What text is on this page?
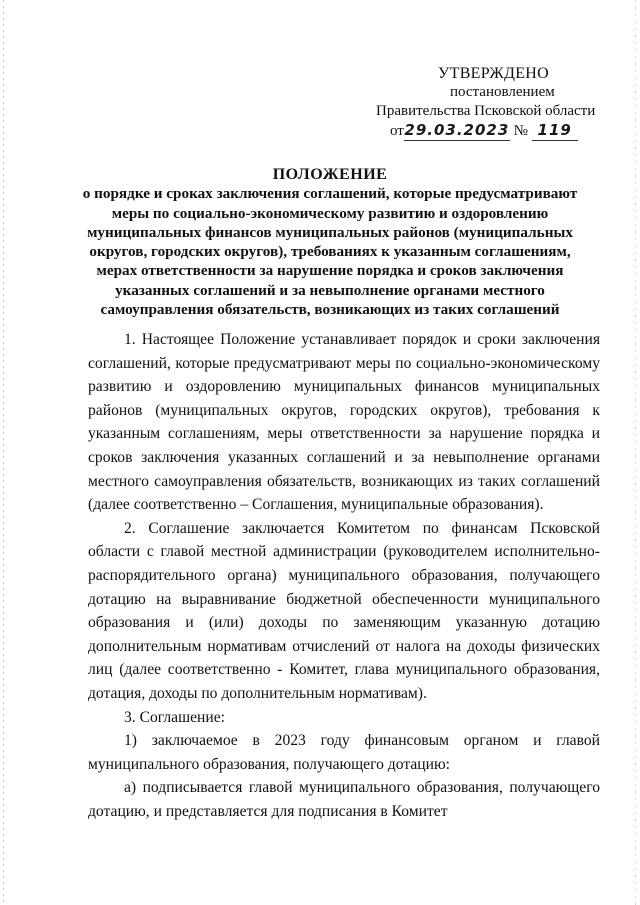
УТВЕРЖДЕНО
постановлением
Правительства Псковской области
от29.03.2023 № 119
ПОЛОЖЕНИЕ
о порядке и сроках заключения соглашений, которые предусматривают
меры по социально-экономическому развитию и оздоровлению
муниципальных финансов муниципальных районов (муниципальных
округов, городских округов), требованиях к указанным соглашениям,
мерах ответственности за нарушение порядка и сроков заключения
указанных соглашений и за невыполнение органами местного
самоуправления обязательств, возникающих из таких соглашений

1. Настоящее Положение устанавливает порядок и сроки заключения соглашений, которые предусматривают меры по социально-экономическому развитию и оздоровлению муниципальных финансов муниципальных районов (муниципальных округов, городских округов), требования к указанным соглашениям, меры ответственности за нарушение порядка и сроков заключения указанных соглашений и за невыполнение органами местного самоуправления обязательств, возникающих из таких соглашений (далее соответственно – Соглашения, муниципальные образования).

2. Соглашение заключается Комитетом по финансам Псковской области с главой местной администрации (руководителем исполнительно-распорядительного органа) муниципального образования, получающего дотацию на выравнивание бюджетной обеспеченности муниципального образования и (или) доходы по заменяющим указанную дотацию дополнительным нормативам отчислений от налога на доходы физических лиц (далее соответственно - Комитет, глава муниципального образования, дотация, доходы по дополнительным нормативам).

3. Соглашение:

1) заключаемое в 2023 году финансовым органом и главой муниципального образования, получающего дотацию:

а) подписывается главой муниципального образования, получающего дотацию, и представляется для подписания в Комитет
